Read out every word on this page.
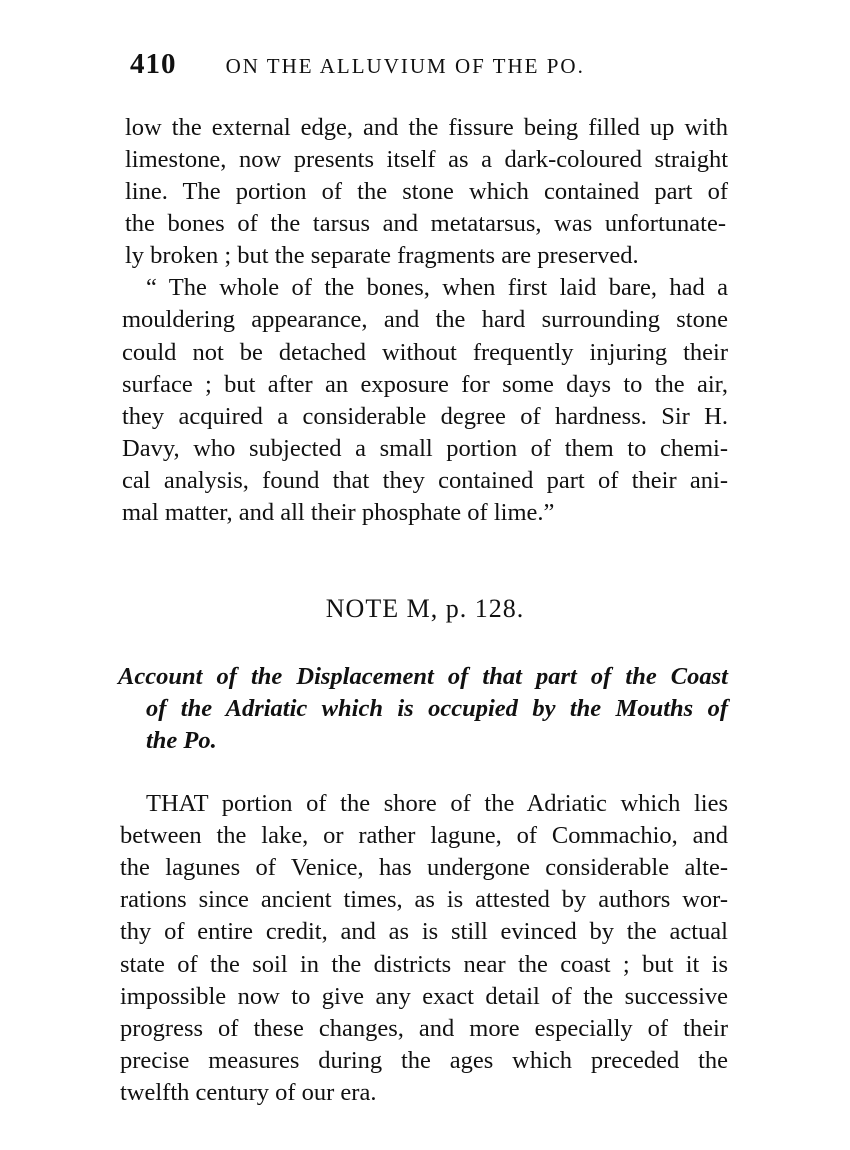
410 ON THE ALLUVIUM OF THE PO.
low the external edge, and the fissure being filled up with
limestone, now presents itself as a dark-coloured straight
line. The portion of the stone which contained part of
the bones of the tarsus and metatarsus, was unfortunate-
ly broken ; but the separate fragments are preserved.
“ The whole of the bones, when first laid bare, had a
mouldering appearance, and the hard surrounding stone
could not be detached without frequently injuring their
surface ; but after an exposure for some days to the air,
they acquired a considerable degree of hardness. Sir H.
Davy, who subjected a small portion of them to chemi-
cal analysis, found that they contained part of their ani-
mal matter, and all their phosphate of lime.”
NOTE M, p. 128.
Account of the Displacement of that part of the Coast
of the Adriatic which is occupied by the Mouths of
the Po.
THAT portion of the shore of the Adriatic which lies
between the lake, or rather lagune, of Commachio, and
the lagunes of Venice, has undergone considerable alte-
rations since ancient times, as is attested by authors wor-
thy of entire credit, and as is still evinced by the actual
state of the soil in the districts near the coast ; but it is
impossible now to give any exact detail of the successive
progress of these changes, and more especially of their
precise measures during the ages which preceded the
twelfth century of our era.
